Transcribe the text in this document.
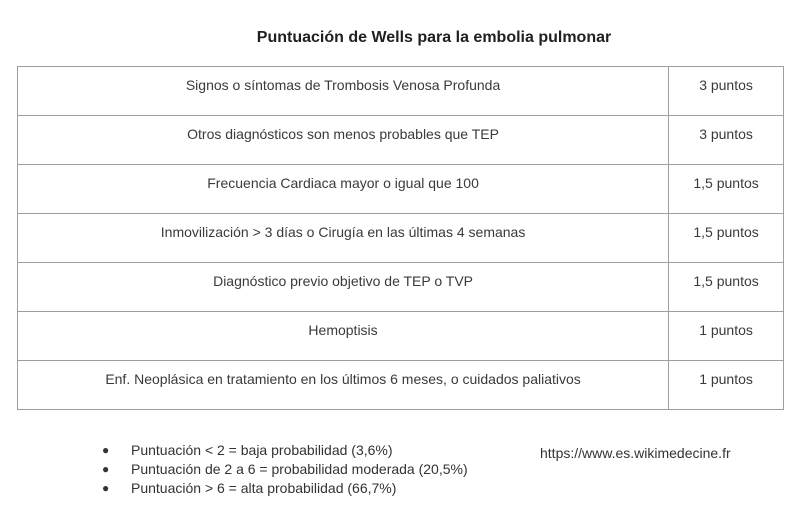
Puntuación de Wells para la embolia pulmonar
Signos o síntomas de Trombosis Venosa Profunda	3 puntos

Otros diagnósticos son menos probables que TEP	3 puntos

Frecuencia Cardiaca mayor o igual que 100	1,5 puntos

Inmovilización > 3 días o Cirugía en las últimas 4 semanas	1,5 puntos

Diagnóstico previo objetivo de TEP o TVP	1,5 puntos

Hemoptisis	1 puntos

Enf. Neoplásica en tratamiento en los últimos 6 meses, o cuidados paliativos	1 puntos
● Puntuación < 2 = baja probabilidad (3,6%)
● Puntuación de 2 a 6 = probabilidad moderada (20,5%)
● Puntuación > 6 = alta probabilidad (66,7%)
https://www.es.wikimedecine.fr
